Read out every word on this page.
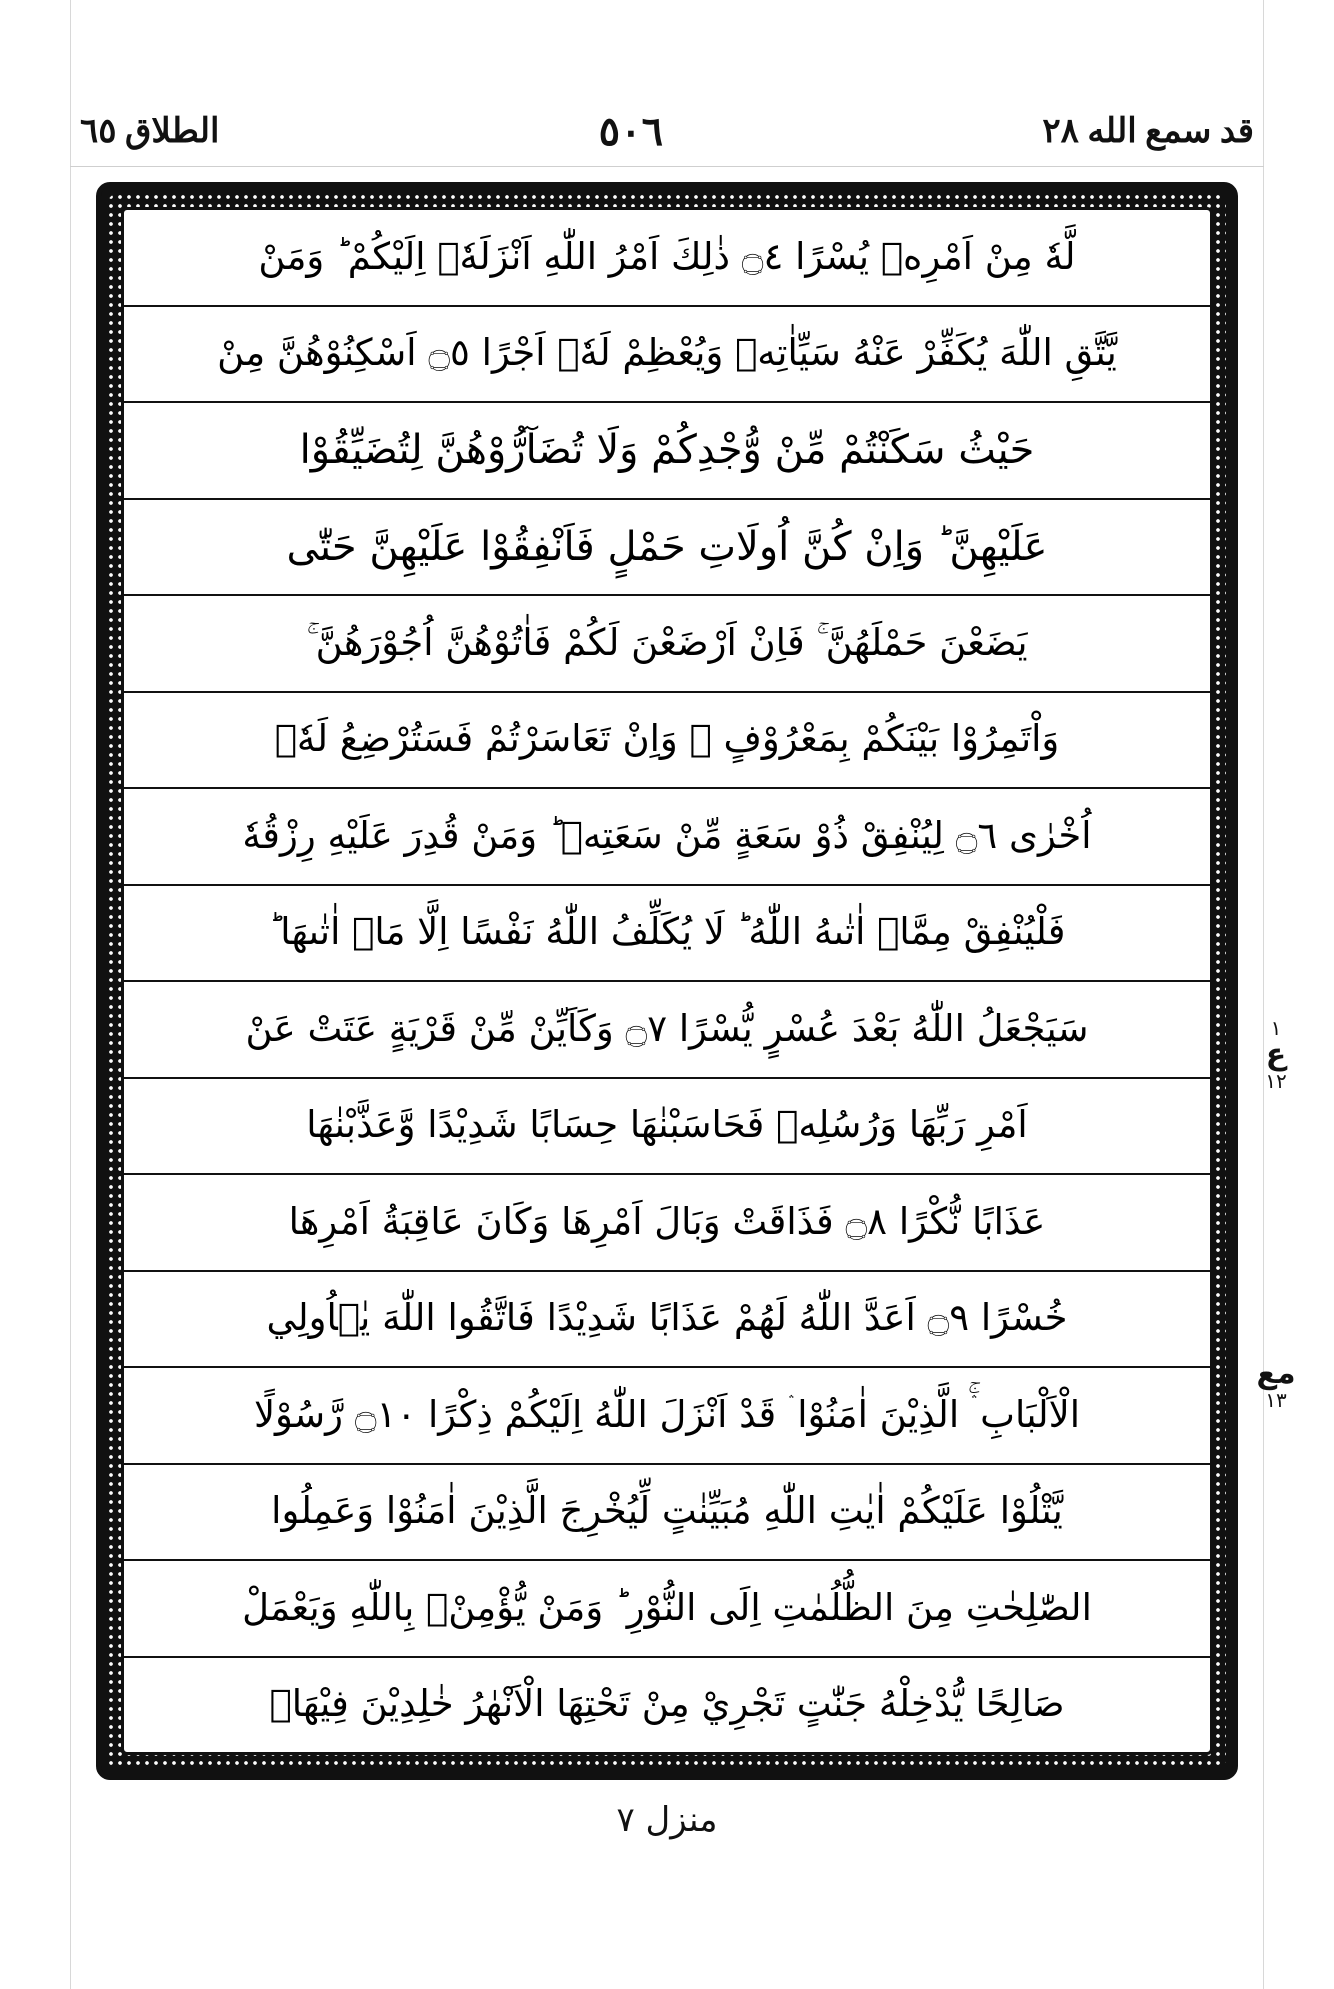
قد سمع الله ٢٨
٥٠٦
الطلاق ٦٥
لَّهٗ مِنْ اَمْرِهٖ يُسْرًا ۝٤ ذٰلِكَ اَمْرُ اللّٰهِ اَنْزَلَهٗۤ اِلَيْكُمْ ؕ وَمَنْ
يَّتَّقِ اللّٰهَ يُكَفِّرْ عَنْهُ سَيِّاٰتِهٖ وَيُعْظِمْ لَهٗۤ اَجْرًا ۝٥ اَسْكِنُوْهُنَّ مِنْ
حَيْثُ سَكَنْتُمْ مِّنْ وُّجْدِكُمْ وَلَا تُضَآرُّوْهُنَّ لِتُضَيِّقُوْا
عَلَيْهِنَّ ؕ وَاِنْ كُنَّ اُولَاتِ حَمْلٍ فَاَنْفِقُوْا عَلَيْهِنَّ حَتّٰى
يَضَعْنَ حَمْلَهُنَّ ۚ فَاِنْ اَرْضَعْنَ لَكُمْ فَاٰتُوْهُنَّ اُجُوْرَهُنَّ ۚ
وَاْتَمِرُوْا بَيْنَكُمْ بِمَعْرُوْفٍ ۚ وَاِنْ تَعَاسَرْتُمْ فَسَتُرْضِعُ لَهٗۤ
اُخْرٰى ۝٦ لِيُنْفِقْ ذُوْ سَعَةٍ مِّنْ سَعَتِهٖ ؕ وَمَنْ قُدِرَ عَلَيْهِ رِزْقُهٗ
فَلْيُنْفِقْ مِمَّاۤ اٰتٰىهُ اللّٰهُ ؕ لَا يُكَلِّفُ اللّٰهُ نَفْسًا اِلَّا مَاۤ اٰتٰىهَا ؕ
سَيَجْعَلُ اللّٰهُ بَعْدَ عُسْرٍ يُّسْرًا ۝٧ وَكَاَيِّنْ مِّنْ قَرْيَةٍ عَتَتْ عَنْ
اَمْرِ رَبِّهَا وَرُسُلِهٖ فَحَاسَبْنٰهَا حِسَابًا شَدِيْدًا وَّعَذَّبْنٰهَا
عَذَابًا نُّكْرًا ۝٨ فَذَاقَتْ وَبَالَ اَمْرِهَا وَكَانَ عَاقِبَةُ اَمْرِهَا
خُسْرًا ۝٩ اَعَدَّ اللّٰهُ لَهُمْ عَذَابًا شَدِيْدًا فَاتَّقُوا اللّٰهَ يٰۤاُولِي
الْاَلْبَابِ ۛۚ الَّذِيْنَ اٰمَنُوْا ۛ قَدْ اَنْزَلَ اللّٰهُ اِلَيْكُمْ ذِكْرًا ۝١٠ رَّسُوْلًا
يَّتْلُوْا عَلَيْكُمْ اٰيٰتِ اللّٰهِ مُبَيِّنٰتٍ لِّيُخْرِجَ الَّذِيْنَ اٰمَنُوْا وَعَمِلُوا
الصّٰلِحٰتِ مِنَ الظُّلُمٰتِ اِلَى النُّوْرِ ؕ وَمَنْ يُّؤْمِنْۢ بِاللّٰهِ وَيَعْمَلْ
صَالِحًا يُّدْخِلْهُ جَنّٰتٍ تَجْرِيْ مِنْ تَحْتِهَا الْاَنْهٰرُ خٰلِدِيْنَ فِيْهَاۤ
١
ع
١٢
مع
١٣
منزل ٧
